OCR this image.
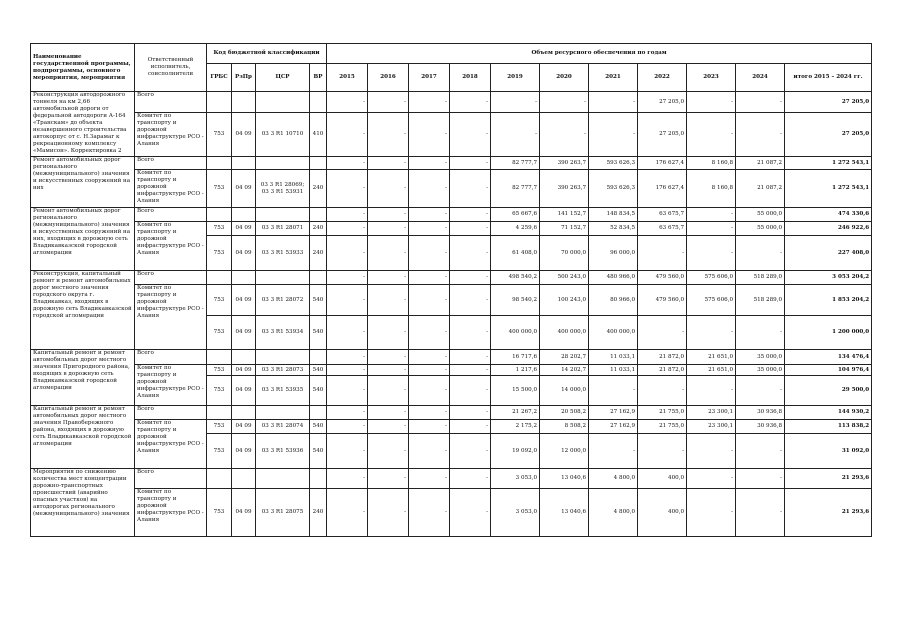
Наименование государственной программы, подпрограммы, основного мероприятия, мероприятия	Ответственный исполнитель, соисполнители	Код бюджетной классификации				Объем ресурсного обеспечения по годам										
		ГРБС	РзПр	ЦСР	ВР	2015	2016	2017	2018	2019	2020	2021	2022	2023	2024	итого 2015 – 2024 гг.
Реконструкция автодорожного тоннеля на км 2,66 автомобильной дороги от федеральной автодороги А-164 «Транскам» до объекта незавершенного строительства автокорпус от с. Н.Зарамаг к рекреационному комплексу «Мамисон». Корректировка 2	Всего					-	-	-	-	-	-	-	27 205,0	-	-	27 205,0
	Комитет по транспорту и дорожной инфраструктуре РСО - Алания	753	04 09	03 3 R1 10710	410	-	-	-	-	-	-	-	27 205,0	-	-	27 205,0
Ремонт автомобильных дорог регионального (межмуниципального) значения и искусственных сооружений на них	Всего					-	-	-	-	82 777,7	390 263,7	593 626,3	176 627,4	8 160,8	21 087,2	1 272 543,1
	Комитет по транспорту и дорожной инфраструктуре РСО - Алания	753	04 09	03 3 R1 28069; 03 3 R1 53931	240	-	-	-	-	82 777,7	390 263,7	593 626,3	176 627,4	8 160,8	21 087,2	1 272 543,1
Ремонт автомобильных дорог регионального (межмуниципального) значения и искусственных сооружений на них, входящих в дорожную сеть Владикавказской городской агломерации	Всего					-	-	-	-	65 667,6	141 152,7	148 834,5	63 675,7	-	55 000,0	474 330,6
	Комитет по транспорту и дорожной инфраструктуре РСО - Алания	753	04 09	03 3 R1 28071	240	-	-	-	-	4 259,6	71 152,7	52 834,5	63 675,7	-	55 000,0	246 922,6
		753	04 09	03 3 R1 53933	240	-	-	-	-	61 408,0	70 000,0	96 000,0	-	-	-	227 408,0
Реконструкция, капитальный ремонт и ремонт автомобильных дорог местного значения городского округа г. Владикавказ, входящих в дорожную сеть Владикавказской городской агломерации	Всего					-	-	-	-	498 540,2	500 243,0	480 966,0	479 560,0	575 606,0	518 289,0	3 053 204,2
	Комитет по транспорту и дорожной инфраструктуре РСО - Алания	753	04 09	03 3 R1 28072	540	-	-	-	-	98 540,2	100 243,0	80 966,0	479 560,0	575 606,0	518 289,0	1 853 204,2
		753	04 09	03 3 R1 53934	540	-	-	-	-	400 000,0	400 000,0	400 000,0	-	-	-	1 200 000,0
Капитальный ремонт и ремонт автомобильных дорог местного значения Пригородного района, входящих в дорожную сеть Владикавказской городской агломерации	Всего					-	-	-	-	16 717,6	28 202,7	11 033,1	21 872,0	21 651,0	35 000,0	134 476,4
	Комитет по транспорту и дорожной инфраструктуре РСО - Алания	753	04 09	03 3 R1 28073	540	-	-	-	-	1 217,6	14 202,7	11 033,1	21 872,0	21 651,0	35 000,0	104 976,4
		753	04 09	03 3 R1 53935	540	-	-	-	-	15 500,0	14 000,0	-	-	-	-	29 500,0
Капитальный ремонт и ремонт автомобильных дорог местного значения Правобережного района, входящих в дорожную сеть Владикавказской городской агломерации	Всего					-	-	-	-	21 267,2	20 508,2	27 162,9	21 755,0	23 300,1	30 936,8	144 930,2
	Комитет по транспорту и дорожной инфраструктуре РСО - Алания	753	04 09	03 3 R1 28074	540	-	-	-	-	2 175,2	8 508,2	27 162,9	21 755,0	23 300,1	30 936,8	113 838,2
		753	04 09	03 3 R1 53936	540	-	-	-	-	19 092,0	12 000,0	-	-	-	-	31 092,0
Мероприятия по снижению количества мест концентрации дорожно-транспортных происшествий (аварийно опасных участков) на автодорогах регионального (межмуниципального) значения	Всего					-	-	-	-	3 053,0	13 040,6	4 800,0	400,0	-	-	21 293,6
	Комитет по транспорту и дорожной инфраструктуре РСО - Алания	753	04 09	03 3 R1 28075	240	-	-	-	-	3 053,0	13 040,6	4 800,0	400,0	-	-	21 293,6
